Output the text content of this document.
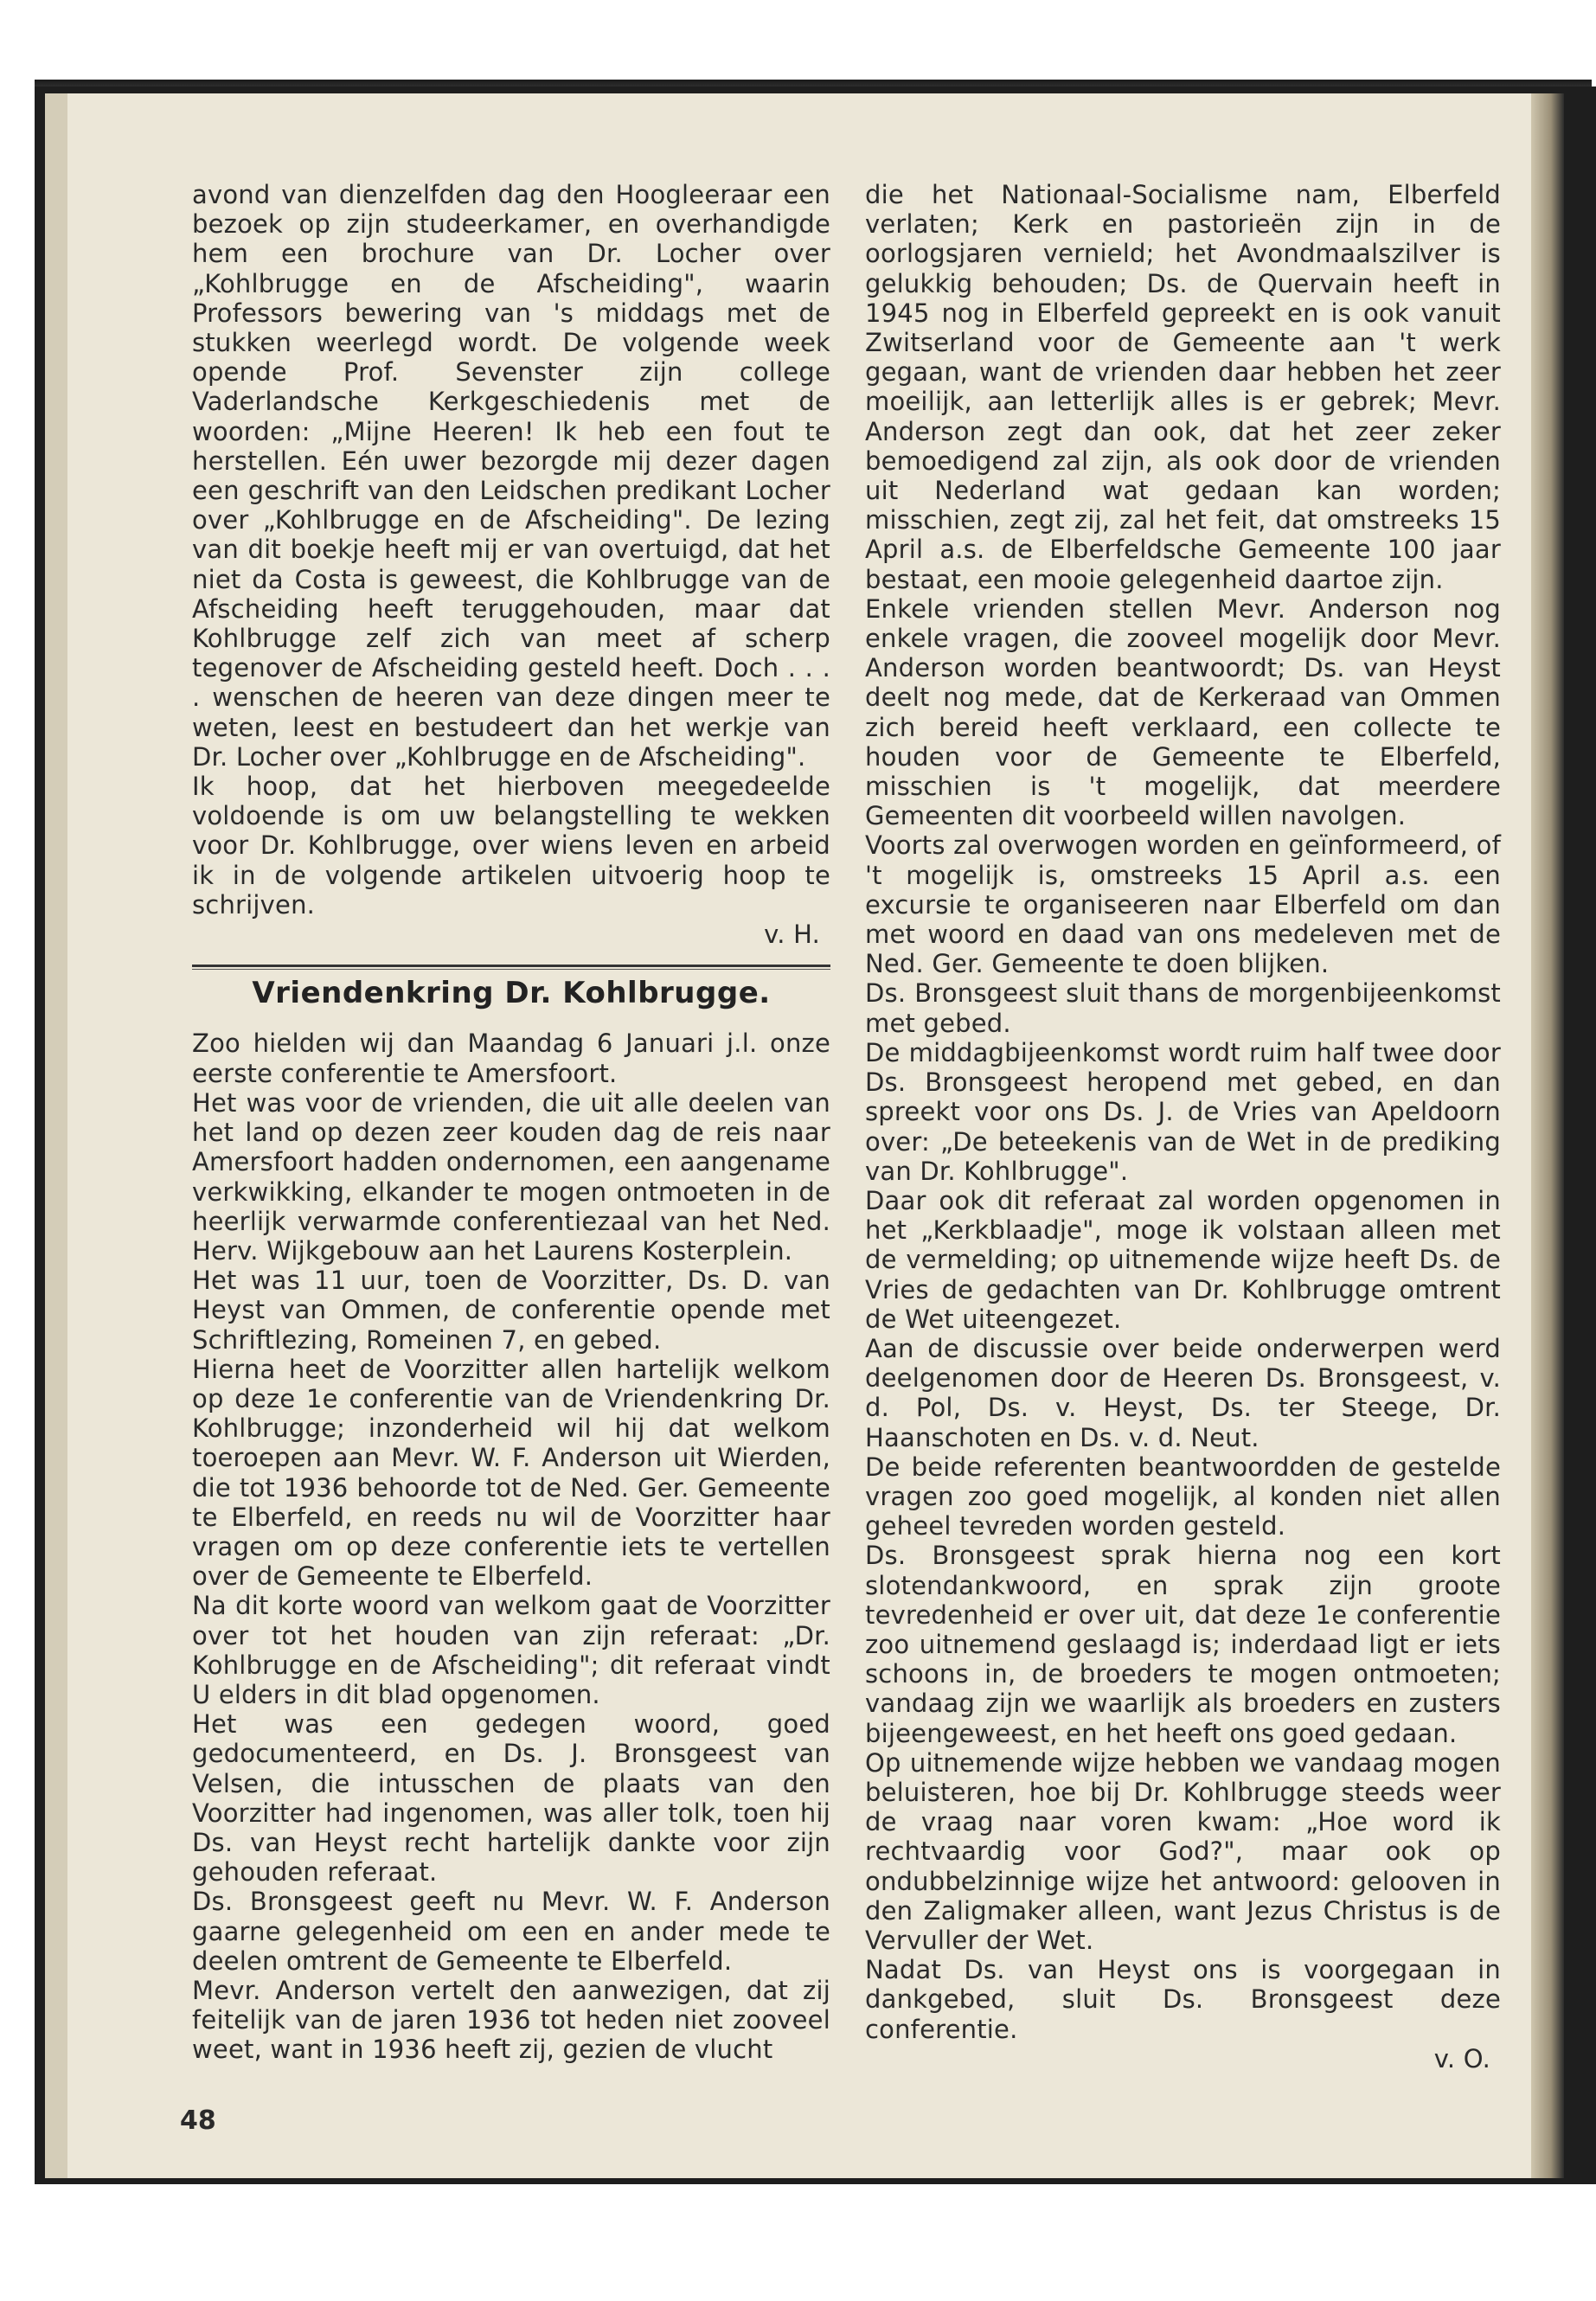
avond van dienzelfden dag den Hoogleeraar een bezoek op zijn studeerkamer, en overhandigde hem een brochure van Dr. Locher over „Kohlbrugge en de Afscheiding", waarin Professors bewering van 's middags met de stukken weerlegd wordt. De volgende week opende Prof. Sevenster zijn college Vaderlandsche Kerkgeschiedenis met de woorden: „Mijne Heeren! Ik heb een fout te herstellen. Eén uwer bezorgde mij dezer dagen een geschrift van den Leidschen predikant Locher over „Kohlbrugge en de Afscheiding". De lezing van dit boekje heeft mij er van overtuigd, dat het niet da Costa is geweest, die Kohlbrugge van de Afscheiding heeft teruggehouden, maar dat Kohlbrugge zelf zich van meet af scherp tegenover de Afscheiding gesteld heeft. Doch . . . . wenschen de heeren van deze dingen meer te weten, leest en bestudeert dan het werkje van Dr. Locher over „Kohlbrugge en de Afscheiding".

Ik hoop, dat het hierboven meegedeelde voldoende is om uw belangstelling te wekken voor Dr. Kohlbrugge, over wiens leven en arbeid ik in de volgende artikelen uitvoerig hoop te schrijven.

v. H.

Vriendenkring Dr. Kohlbrugge.

Zoo hielden wij dan Maandag 6 Januari j.l. onze eerste conferentie te Amersfoort.

Het was voor de vrienden, die uit alle deelen van het land op dezen zeer kouden dag de reis naar Amersfoort hadden ondernomen, een aangename verkwikking, elkander te mogen ontmoeten in de heerlijk verwarmde conferentiezaal van het Ned. Herv. Wijkgebouw aan het Laurens Kosterplein.

Het was 11 uur, toen de Voorzitter, Ds. D. van Heyst van Ommen, de conferentie opende met Schriftlezing, Romeinen 7, en gebed.

Hierna heet de Voorzitter allen hartelijk welkom op deze 1e conferentie van de Vriendenkring Dr. Kohlbrugge; inzonderheid wil hij dat welkom toeroepen aan Mevr. W. F. Anderson uit Wierden, die tot 1936 behoorde tot de Ned. Ger. Gemeente te Elberfeld, en reeds nu wil de Voorzitter haar vragen om op deze conferentie iets te vertellen over de Gemeente te Elberfeld.

Na dit korte woord van welkom gaat de Voorzitter over tot het houden van zijn referaat: „Dr. Kohlbrugge en de Afscheiding"; dit referaat vindt U elders in dit blad opgenomen.

Het was een gedegen woord, goed gedocumenteerd, en Ds. J. Bronsgeest van Velsen, die intusschen de plaats van den Voorzitter had ingenomen, was aller tolk, toen hij Ds. van Heyst recht hartelijk dankte voor zijn gehouden referaat.

Ds. Bronsgeest geeft nu Mevr. W. F. Anderson gaarne gelegenheid om een en ander mede te deelen omtrent de Gemeente te Elberfeld.

Mevr. Anderson vertelt den aanwezigen, dat zij feitelijk van de jaren 1936 tot heden niet zooveel weet, want in 1936 heeft zij, gezien de vlucht

die het Nationaal-Socialisme nam, Elberfeld verlaten; Kerk en pastorieën zijn in de oorlogsjaren vernield; het Avondmaalszilver is gelukkig behouden; Ds. de Quervain heeft in 1945 nog in Elberfeld gepreekt en is ook vanuit Zwitserland voor de Gemeente aan 't werk gegaan, want de vrienden daar hebben het zeer moeilijk, aan letterlijk alles is er gebrek; Mevr. Anderson zegt dan ook, dat het zeer zeker bemoedigend zal zijn, als ook door de vrienden uit Nederland wat gedaan kan worden; misschien, zegt zij, zal het feit, dat omstreeks 15 April a.s. de Elberfeldsche Gemeente 100 jaar bestaat, een mooie gelegenheid daartoe zijn.

Enkele vrienden stellen Mevr. Anderson nog enkele vragen, die zooveel mogelijk door Mevr. Anderson worden beantwoordt; Ds. van Heyst deelt nog mede, dat de Kerkeraad van Ommen zich bereid heeft verklaard, een collecte te houden voor de Gemeente te Elberfeld, misschien is 't mogelijk, dat meerdere Gemeenten dit voorbeeld willen navolgen.

Voorts zal overwogen worden en geïnformeerd, of 't mogelijk is, omstreeks 15 April a.s. een excursie te organiseeren naar Elberfeld om dan met woord en daad van ons medeleven met de Ned. Ger. Gemeente te doen blijken.

Ds. Bronsgeest sluit thans de morgenbijeenkomst met gebed.

De middagbijeenkomst wordt ruim half twee door Ds. Bronsgeest heropend met gebed, en dan spreekt voor ons Ds. J. de Vries van Apeldoorn over: „De beteekenis van de Wet in de prediking van Dr. Kohlbrugge".

Daar ook dit referaat zal worden opgenomen in het „Kerkblaadje", moge ik volstaan alleen met de vermelding; op uitnemende wijze heeft Ds. de Vries de gedachten van Dr. Kohlbrugge omtrent de Wet uiteengezet.

Aan de discussie over beide onderwerpen werd deelgenomen door de Heeren Ds. Bronsgeest, v. d. Pol, Ds. v. Heyst, Ds. ter Steege, Dr. Haanschoten en Ds. v. d. Neut.

De beide referenten beantwoordden de gestelde vragen zoo goed mogelijk, al konden niet allen geheel tevreden worden gesteld.

Ds. Bronsgeest sprak hierna nog een kort slotendankwoord, en sprak zijn groote tevredenheid er over uit, dat deze 1e conferentie zoo uitnemend geslaagd is; inderdaad ligt er iets schoons in, de broeders te mogen ontmoeten; vandaag zijn we waarlijk als broeders en zusters bijeengeweest, en het heeft ons goed gedaan.

Op uitnemende wijze hebben we vandaag mogen beluisteren, hoe bij Dr. Kohlbrugge steeds weer de vraag naar voren kwam: „Hoe word ik rechtvaardig voor God?", maar ook op ondubbelzinnige wijze het antwoord: gelooven in den Zaligmaker alleen, want Jezus Christus is de Vervuller der Wet.

Nadat Ds. van Heyst ons is voorgegaan in dankgebed, sluit Ds. Bronsgeest deze conferentie.

v. O.

48
